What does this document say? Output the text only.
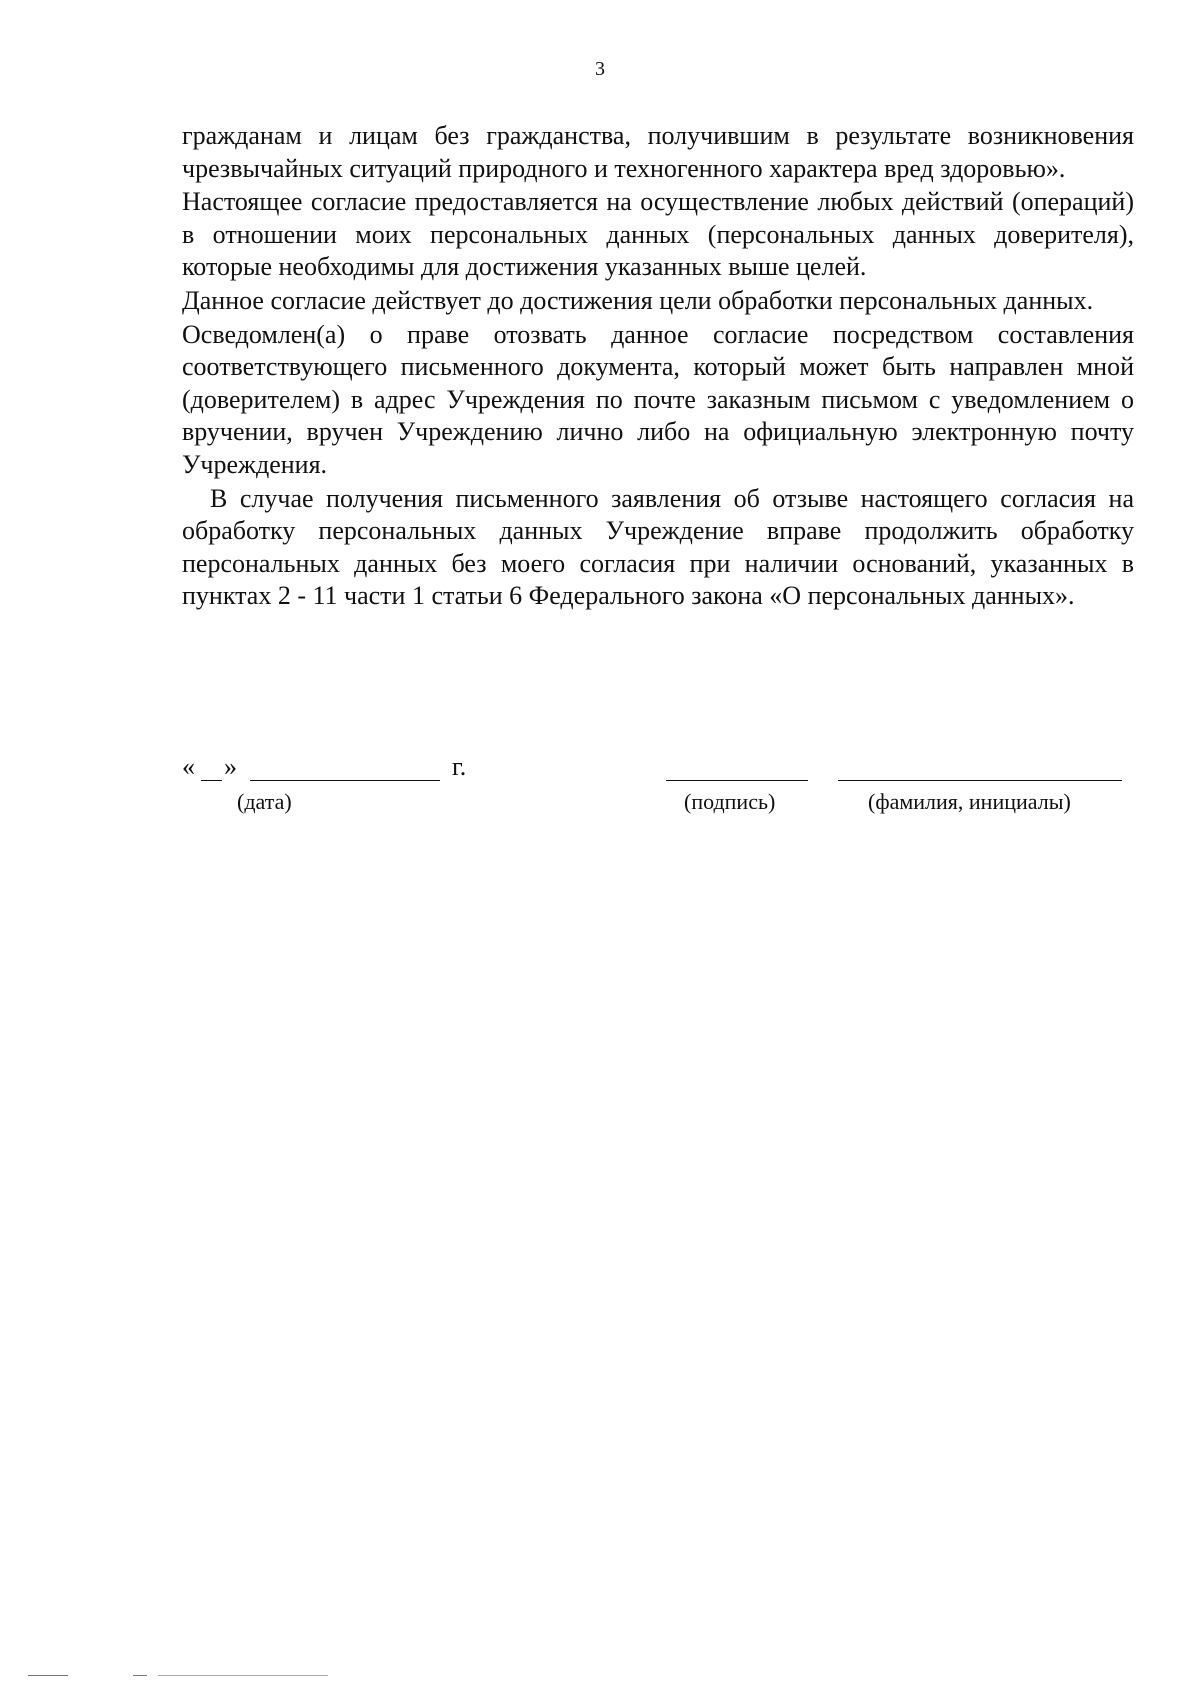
3

гражданам и лицам без гражданства, получившим в результате возникновения чрезвычайных ситуаций природного и техногенного характера вред здоровью».

Настоящее согласие предоставляется на осуществление любых действий (операций) в отношении моих персональных данных (персональных данных доверителя), которые необходимы для достижения указанных выше целей.

Данное согласие действует до достижения цели обработки персональных данных.

Осведомлен(а) о праве отозвать данное согласие посредством составления соответствующего письменного документа, который может быть направлен мной (доверителем) в адрес Учреждения по почте заказным письмом с уведомлением о вручении, вручен Учреждению лично либо на официальную электронную почту Учреждения.

В случае получения письменного заявления об отзыве настоящего согласия на обработку персональных данных Учреждение вправе продолжить обработку персональных данных без моего согласия при наличии оснований, указанных в пунктах 2 - 11 части 1 статьи 6 Федерального закона «О персональных данных».

« »	г.
(дата)	(подпись)	(фамилия, инициалы)
